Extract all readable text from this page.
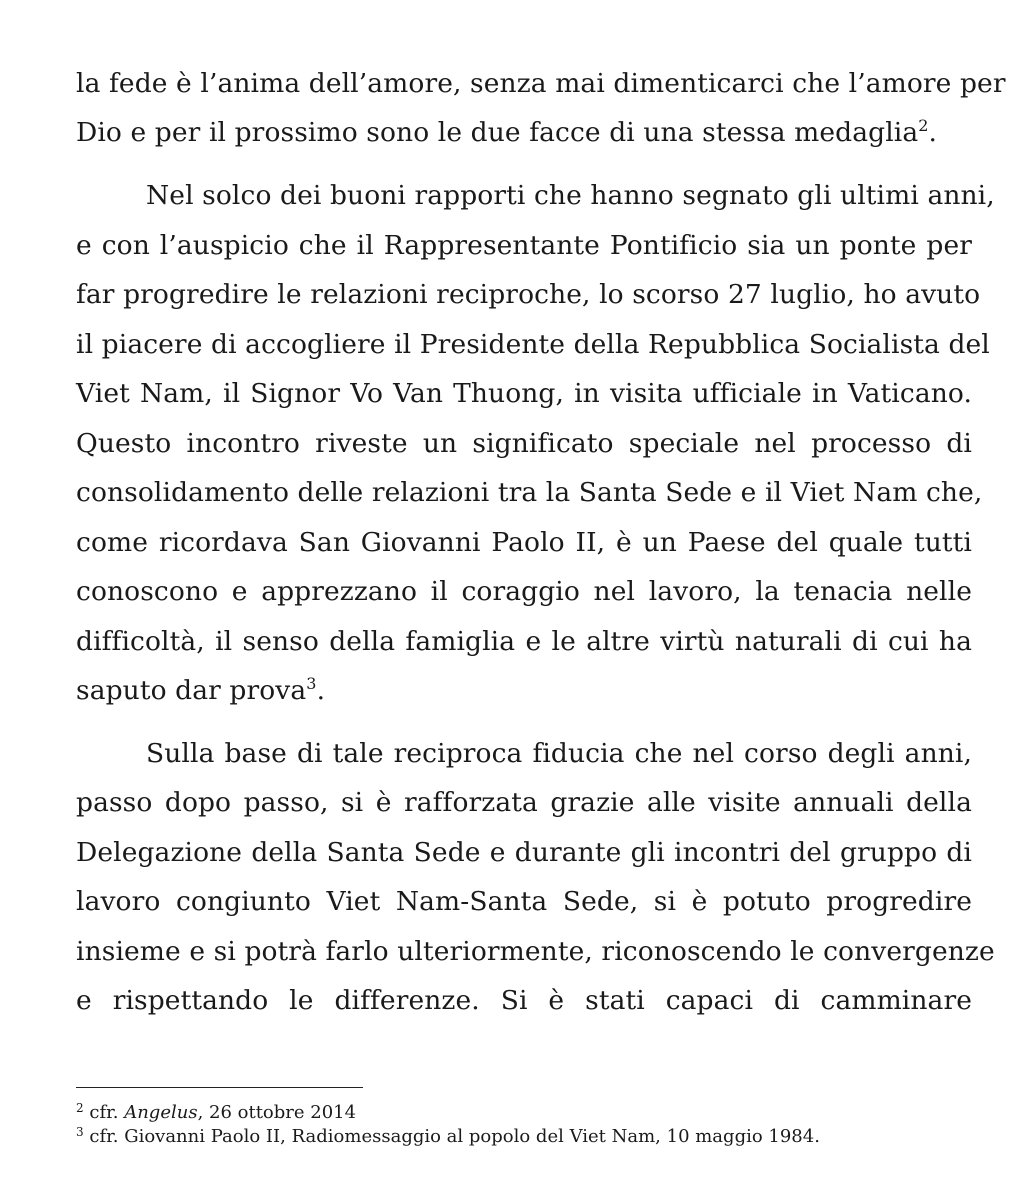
la fede è l’anima dell’amore, senza mai dimenticarci che l’amore per
Dio e per il prossimo sono le due facce di una stessa medaglia$^2$.
Nel solco dei buoni rapporti che hanno segnato gli ultimi anni,
e con l’auspicio che il Rappresentante Pontificio sia un ponte per
far progredire le relazioni reciproche, lo scorso 27 luglio, ho avuto
il piacere di accogliere il Presidente della Repubblica Socialista del
Viet Nam, il Signor Vo Van Thuong, in visita ufficiale in Vaticano.
Questo incontro riveste un significato speciale nel processo di
consolidamento delle relazioni tra la Santa Sede e il Viet Nam che,
come ricordava San Giovanni Paolo II, è un Paese del quale tutti
conoscono e apprezzano il coraggio nel lavoro, la tenacia nelle
difficoltà, il senso della famiglia e le altre virtù naturali di cui ha
saputo dar prova$^3$.
Sulla base di tale reciproca fiducia che nel corso degli anni,
passo dopo passo, si è rafforzata grazie alle visite annuali della
Delegazione della Santa Sede e durante gli incontri del gruppo di
lavoro congiunto Viet Nam-Santa Sede, si è potuto progredire
insieme e si potrà farlo ulteriormente, riconoscendo le convergenze
e rispettando le differenze. Si è stati capaci di camminare
$^2$ cfr. Angelus, 26 ottobre 2014
$^3$ cfr. Giovanni Paolo II, Radiomessaggio al popolo del Viet Nam, 10 maggio 1984.
